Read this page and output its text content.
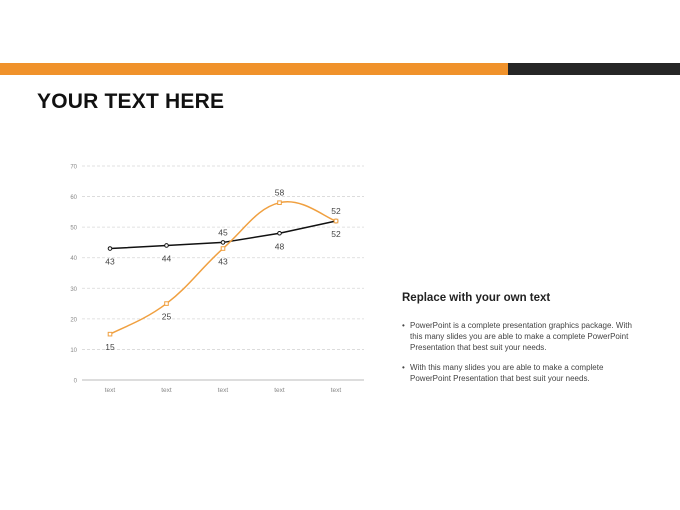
YOUR TEXT HERE
0
10
20
30
40
50
60
70
text	text	text	text	text
43	44
45
48
52
15
25
43
58
52
Replace with your own text
• PowerPoint is a complete presentation graphics package. With this many slides you are able to make a complete PowerPoint Presentation that best suit your needs.
• With this many slides you are able to make a complete PowerPoint Presentation that best suit your needs.
